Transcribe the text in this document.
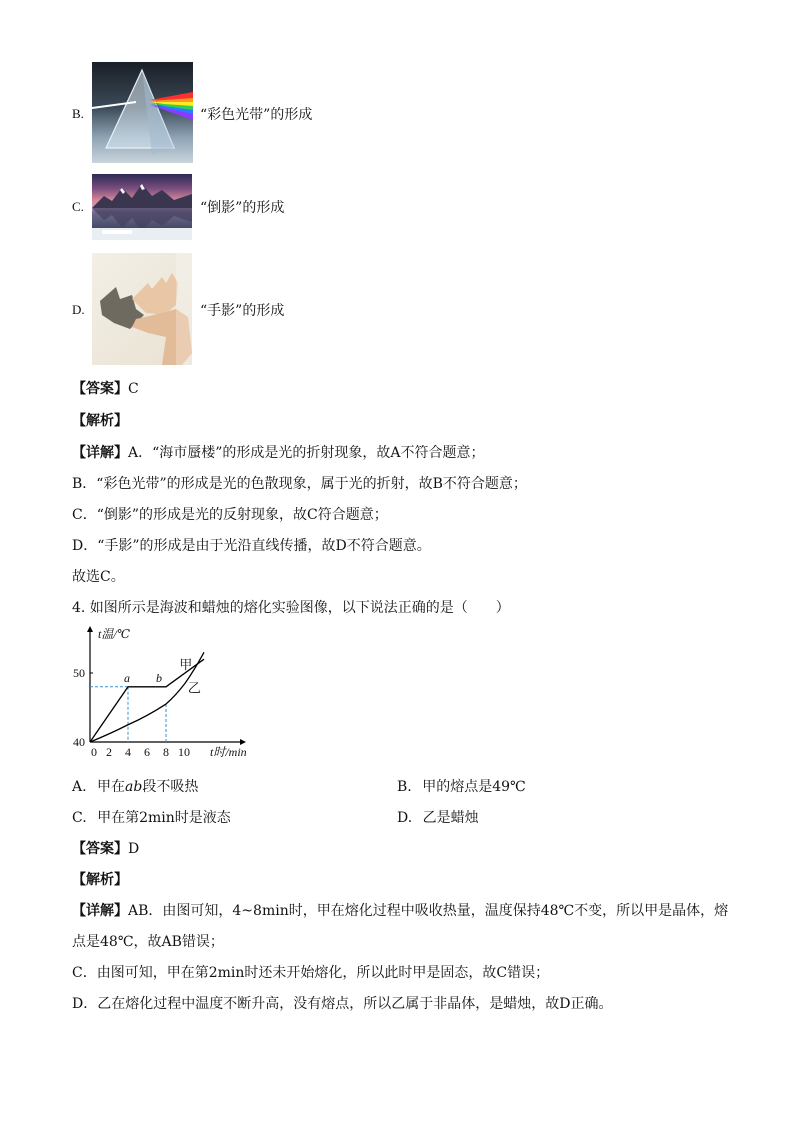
B.	“彩色光带”的形成
C.	“倒影”的形成
D.	“手影”的形成
【答案】C
【解析】
【详解】A．“海市蜃楼”的形成是光的折射现象，故A不符合题意；
B．“彩色光带”的形成是光的色散现象，属于光的折射，故B不符合题意；
C．“倒影”的形成是光的反射现象，故C符合题意；
D．“手影”的形成是由于光沿直线传播，故D不符合题意。
故选C。
4. 如图所示是海波和蜡烛的熔化实验图像，以下说法正确的是（　　）
40
50
0 2 4 6 8 10
t温/℃
t时/min
a b
甲
乙
A. 甲在ab段不吸热	B. 甲的熔点是49℃
C. 甲在第2min时是液态	D. 乙是蜡烛
【答案】D
【解析】
【详解】AB．由图可知，4~8min时，甲在熔化过程中吸收热量，温度保持48℃不变，所以甲是晶体，熔
点是48℃，故AB错误；
C．由图可知，甲在第2min时还未开始熔化，所以此时甲是固态，故C错误；
D．乙在熔化过程中温度不断升高，没有熔点，所以乙属于非晶体，是蜡烛，故D正确。
